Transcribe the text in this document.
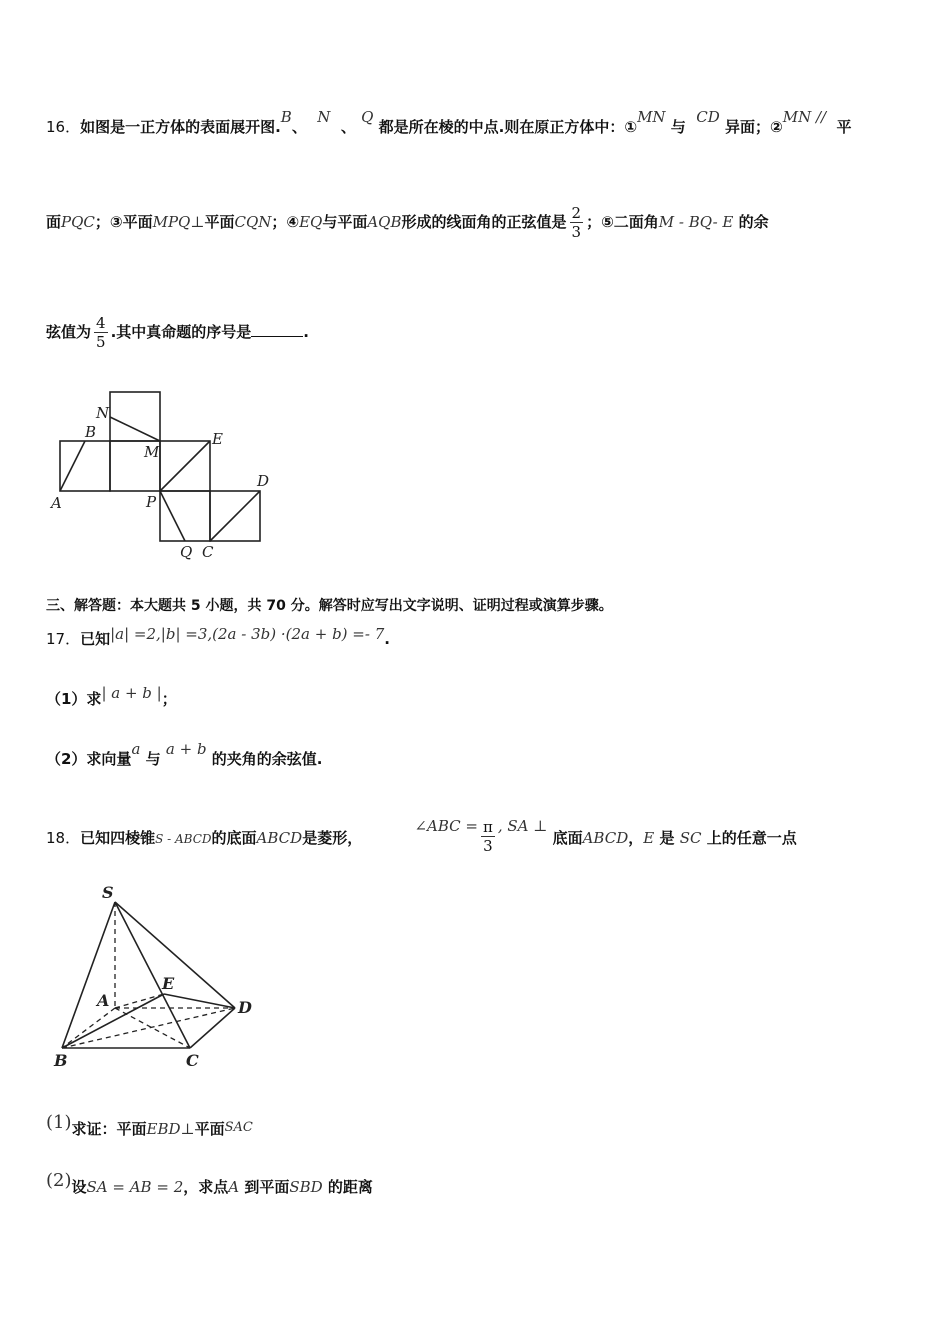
16．如图是一正方体的表面展开图.B、  N  、 Q 都是所在棱的中点.则在原正方体中：①MN 与  CD 异面；②MN //  平
面PQC；③平面MPQ⊥平面CQN；④EQ与平面AQB形成的线面角的正弦值是 $\frac{2}{3}$ ；⑤二面角M - BQ- E 的余
弦值为 $\frac{4}{5}$ .其中真命题的序号是	.
N
B
M
E
D
A	P
Q C
三、解答题：本大题共 5 小题，共 70 分。解答时应写出文字说明、证明过程或演算步骤。
17．已知|a| =2,|b| =3,(2a - 3b) ·(2a + b) =- 7.
（1）求| a + b |；
（2）求向量a 与 a + b 的夹角的余弦值.
18．已知四棱锥S - ABCD的底面ABCD是菱形，          ∠ABC = $\frac{\pi}{3}$ , SA ⊥ 底面ABCD，E 是 SC 上的任意一点
S
A
E
D
B	C
(1)求证：平面EBD⊥平面SAC
(2)设SA = AB = 2，求点A 到平面SBD 的距离
